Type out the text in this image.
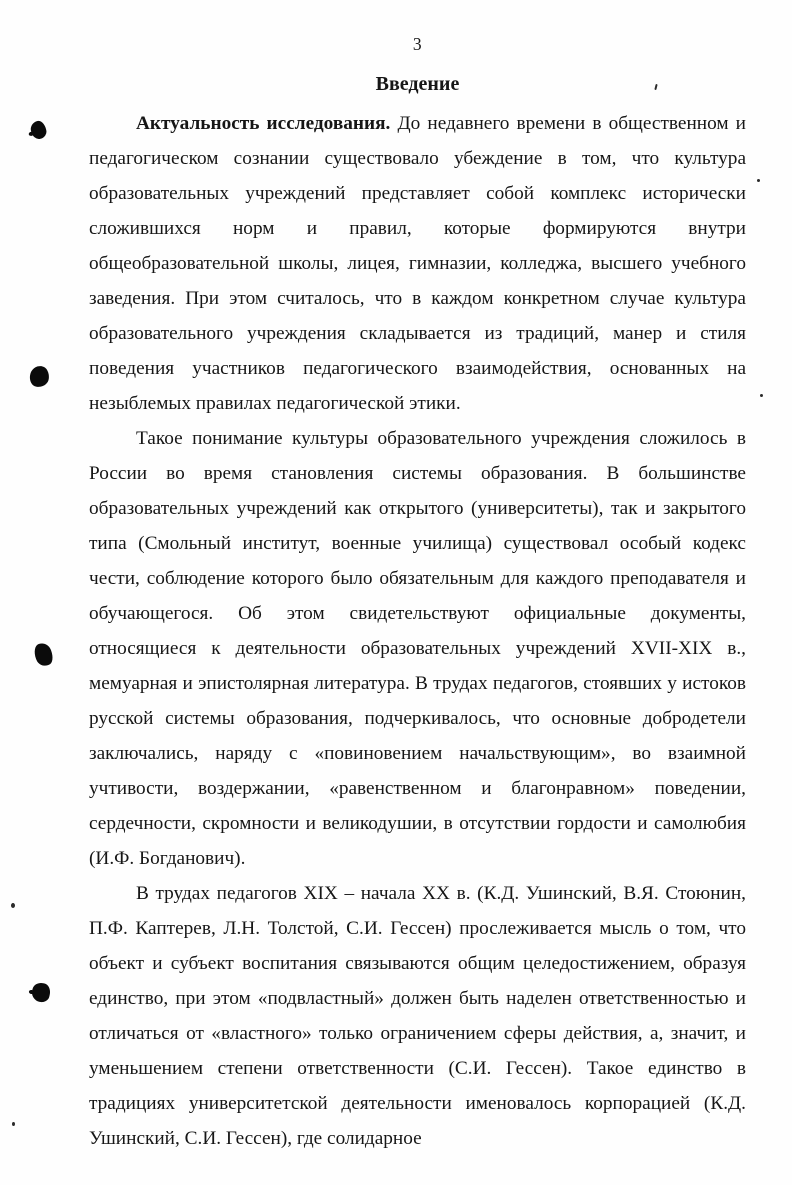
3
Введение

Актуальность исследования. До недавнего времени в общественном и педагогическом сознании существовало убеждение в том, что культура образовательных учреждений представляет собой комплекс исторически сложившихся норм и правил, которые формируются внутри общеобразовательной школы, лицея, гимназии, колледжа, высшего учебного заведения. При этом считалось, что в каждом конкретном случае культура образовательного учреждения складывается из традиций, манер и стиля поведения участников педагогического взаимодействия, основанных на незыблемых правилах педагогической этики.

Такое понимание культуры образовательного учреждения сложилось в России во время становления системы образования. В большинстве образовательных учреждений как открытого (университеты), так и закрытого типа (Смольный институт, военные училища) существовал особый кодекс чести, соблюдение которого было обязательным для каждого преподавателя и обучающегося. Об этом свидетельствуют официальные документы, относящиеся к деятельности образовательных учреждений XVII-XIX в., мемуарная и эпистолярная литература. В трудах педагогов, стоявших у истоков русской системы образования, подчеркивалось, что основные добродетели заключались, наряду с «повиновением начальствующим», во взаимной учтивости, воздержании, «равенственном и благонравном» поведении, сердечности, скромности и великодушии, в отсутствии гордости и самолюбия (И.Ф. Богданович).

В трудах педагогов XIX – начала XX в. (К.Д. Ушинский, В.Я. Стоюнин, П.Ф. Каптерев, Л.Н. Толстой, С.И. Гессен) прослеживается мысль о том, что объект и субъект воспитания связываются общим целедостижением, образуя единство, при этом «подвластный» должен быть наделен ответственностью и отличаться от «властного» только ограничением сферы действия, а, значит, и уменьшением степени ответственности (С.И. Гессен). Такое единство в традициях университетской деятельности именовалось корпорацией (К.Д. Ушинский, С.И. Гессен), где солидарное
